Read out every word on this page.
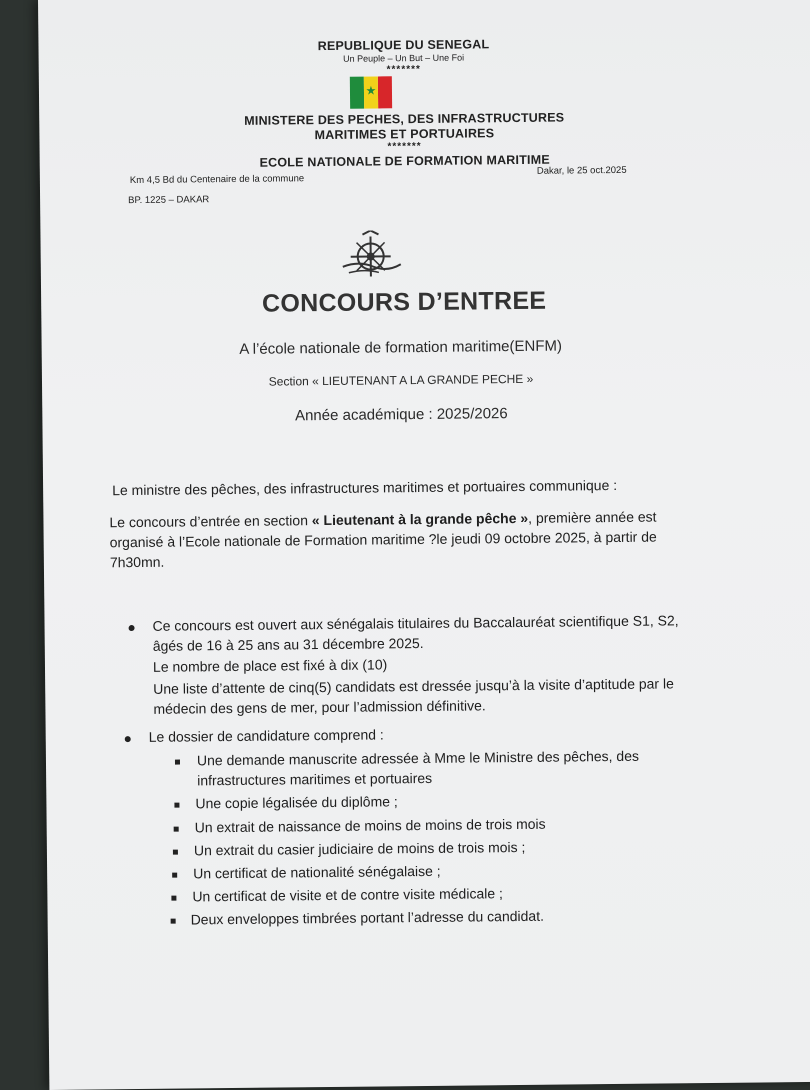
REPUBLIQUE DU SENEGAL
Un Peuple – Un But – Une Foi
*******
★
MINISTERE DES PECHES, DES INFRASTRUCTURES
MARITIMES ET PORTUAIRES
*******
ECOLE NATIONALE DE FORMATION MARITIME
Km 4,5 Bd du Centenaire de la commune
BP. 1225 – DAKAR
Dakar, le 25 oct.2025
CONCOURS D’ENTREE
A l’école nationale de formation maritime(ENFM)
Section « LIEUTENANT A LA GRANDE PECHE »
Année académique : 2025/2026
Le ministre des pêches, des infrastructures maritimes et portuaires communique :
Le concours d’entrée en section « Lieutenant à la grande pêche », première année est
organisé à l’Ecole nationale de Formation maritime ?le jeudi 09 octobre 2025, à partir de
7h30mn.
Ce concours est ouvert aux sénégalais titulaires du Baccalauréat scientifique S1, S2,
âgés de 16 à 25 ans au 31 décembre 2025.
Le nombre de place est fixé à dix (10)
Une liste d’attente de cinq(5) candidats est dressée jusqu’à la visite d’aptitude par le
médecin des gens de mer, pour l’admission définitive.
Le dossier de candidature comprend :
Une demande manuscrite adressée à Mme le Ministre des pêches, des
infrastructures maritimes et portuaires
Une copie légalisée du diplôme ;
Un extrait de naissance de moins de moins de trois mois
Un extrait du casier judiciaire de moins de trois mois ;
Un certificat de nationalité sénégalaise ;
Un certificat de visite et de contre visite médicale ;
Deux enveloppes timbrées portant l’adresse du candidat.
